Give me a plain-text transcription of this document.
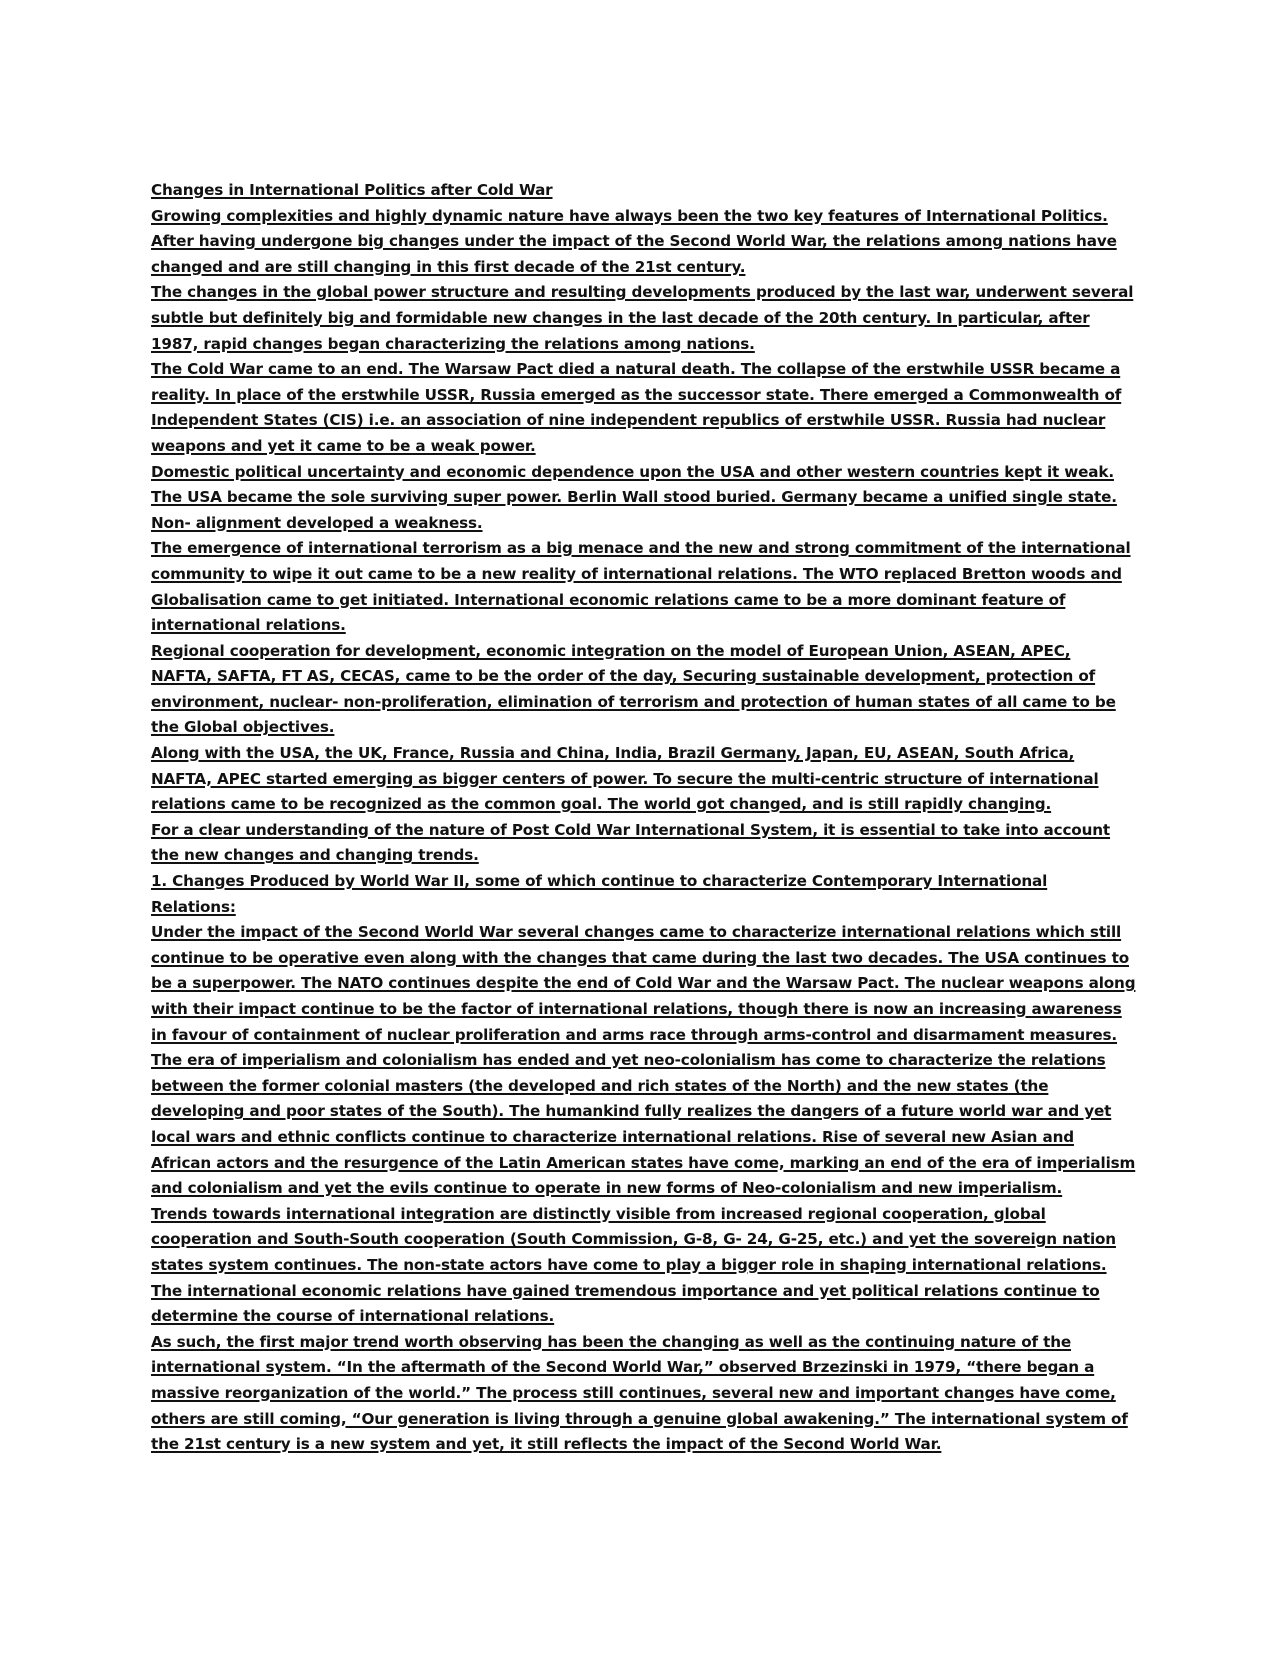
Changes in International Politics after Cold War

Growing complexities and highly dynamic nature have always been the two key features of International Politics. After having undergone big changes under the impact of the Second World War, the relations among nations have changed and are still changing in this first decade of the 21st century.

The changes in the global power structure and resulting developments produced by the last war, underwent several subtle but definitely big and formidable new changes in the last decade of the 20th century. In particular, after 1987, rapid changes began characterizing the relations among nations.

The Cold War came to an end. The Warsaw Pact died a natural death. The collapse of the erstwhile USSR became a reality. In place of the erstwhile USSR, Russia emerged as the successor state. There emerged a Commonwealth of Independent States (CIS) i.e. an association of nine independent republics of erstwhile USSR. Russia had nuclear weapons and yet it came to be a weak power.

Domestic political uncertainty and economic dependence upon the USA and other western countries kept it weak. The USA became the sole surviving super power. Berlin Wall stood buried. Germany became a unified single state. Non- alignment developed a weakness.

The emergence of international terrorism as a big menace and the new and strong commitment of the international community to wipe it out came to be a new reality of international relations. The WTO replaced Bretton woods and Globalisation came to get initiated. International economic relations came to be a more dominant feature of international relations.

Regional cooperation for development, economic integration on the model of European Union, ASEAN, APEC, NAFTA, SAFTA, FT AS, CECAS, came to be the order of the day, Securing sustainable development, protection of environment, nuclear- non-proliferation, elimination of terrorism and protection of human states of all came to be the Global objectives.

Along with the USA, the UK, France, Russia and China, India, Brazil Germany, Japan, EU, ASEAN, South Africa, NAFTA, APEC started emerging as bigger centers of power. To secure the multi-centric structure of international relations came to be recognized as the common goal. The world got changed, and is still rapidly changing.

For a clear understanding of the nature of Post Cold War International System, it is essential to take into account the new changes and changing trends.

1. Changes Produced by World War II, some of which continue to characterize Contemporary International Relations:

Under the impact of the Second World War several changes came to characterize international relations which still continue to be operative even along with the changes that came during the last two decades. The USA continues to be a superpower. The NATO continues despite the end of Cold War and the Warsaw Pact. The nuclear weapons along with their impact continue to be the factor of international relations, though there is now an increasing awareness in favour of containment of nuclear proliferation and arms race through arms-control and disarmament measures.

The era of imperialism and colonialism has ended and yet neo-colonialism has come to characterize the relations between the former colonial masters (the developed and rich states of the North) and the new states (the developing and poor states of the South). The humankind fully realizes the dangers of a future world war and yet local wars and ethnic conflicts continue to characterize international relations. Rise of several new Asian and African actors and the resurgence of the Latin American states have come, marking an end of the era of imperialism and colonialism and yet the evils continue to operate in new forms of Neo-colonialism and new imperialism.

Trends towards international integration are distinctly visible from increased regional cooperation, global cooperation and South-South cooperation (South Commission, G-8, G- 24, G-25, etc.) and yet the sovereign nation states system continues. The non-state actors have come to play a bigger role in shaping international relations. The international economic relations have gained tremendous importance and yet political relations continue to determine the course of international relations.

As such, the first major trend worth observing has been the changing as well as the continuing nature of the international system. “In the aftermath of the Second World War,” observed Brzezinski in 1979, “there began a massive reorganization of the world.” The process still continues, several new and important changes have come, others are still coming, “Our generation is living through a genuine global awakening.” The international system of the 21st century is a new system and yet, it still reflects the impact of the Second World War.
